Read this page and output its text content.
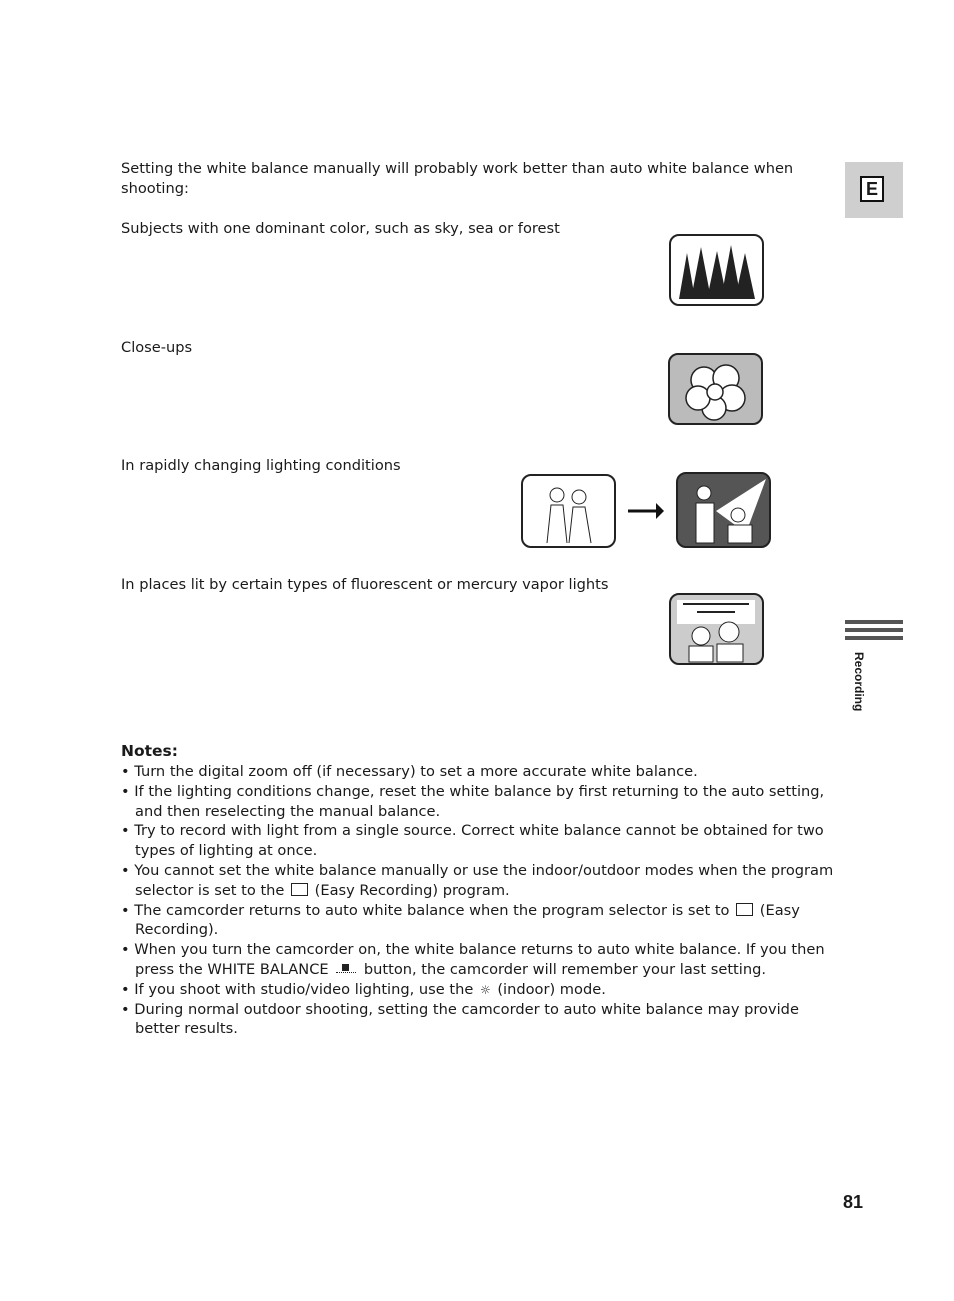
E
Recording
Setting the white balance manually will probably work better than auto white balance when
shooting:
Subjects with one dominant color, such as sky, sea or forest
Close-ups
In rapidly changing lighting conditions
In places lit by certain types of fluorescent or mercury vapor lights
Notes:
• Turn the digital zoom off (if necessary) to set a more accurate white balance.
• If the lighting conditions change, reset the white balance by first returning to the auto setting,
and then reselecting the manual balance.
• Try to record with light from a single source. Correct white balance cannot be obtained for two
types of lighting at once.
• You cannot set the white balance manually or use the indoor/outdoor modes when the program
selector is set to the  (Easy Recording) program.
• The camcorder returns to auto white balance when the program selector is set to  (Easy
Recording).
• When you turn the camcorder on, the white balance returns to auto white balance. If you then
press the WHITE BALANCE  button, the camcorder will remember your last setting.
• If you shoot with studio/video lighting, use the ☼ (indoor) mode.
• During normal outdoor shooting, setting the camcorder to auto white balance may provide
better results.
81
